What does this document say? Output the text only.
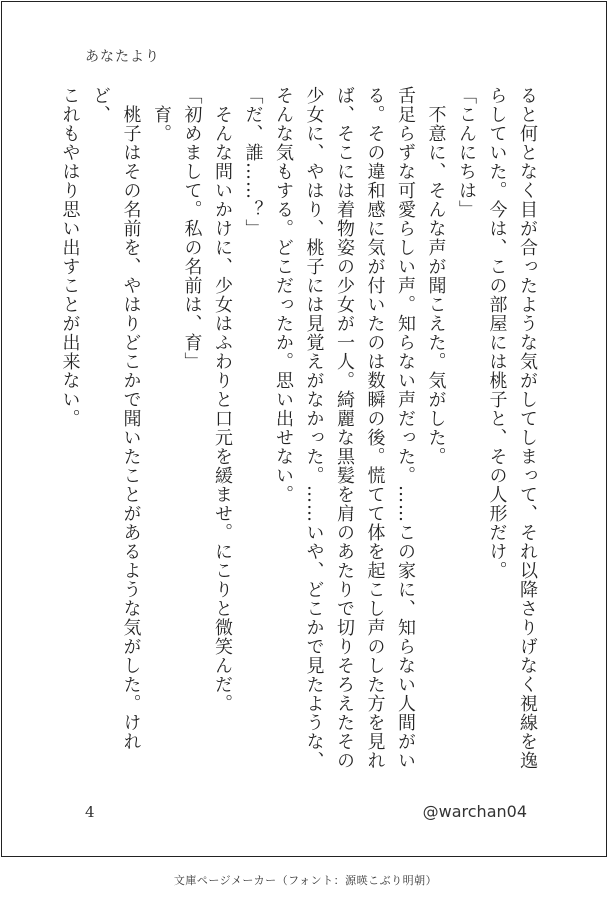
あなたより

ると何となく目が合ったような気がしてしまって、それ以降さりげなく視線を逸

らしていた。今は、この部屋には桃子と、その人形だけ。

「こんにちは」

　不意に、そんな声が聞こえた。気がした。

舌足らずな可愛らしい声。知らない声だった。……この家に、知らない人間がい

る。その違和感に気が付いたのは数瞬の後。慌てて体を起こし声のした方を見れ

ば、そこには着物姿の少女が一人。綺麗な黒髪を肩のあたりで切りそろえたその

少女に、やはり、桃子には見覚えがなかった。……いや、どこかで見たような、

そんな気もする。どこだったか。思い出せない。

「だ、誰……？」

　そんな問いかけに、少女はふわりと口元を緩ませ。にこりと微笑んだ。

「初めまして。私の名前は、育」

　育。

　桃子はその名前を、やはりどこかで聞いたことがあるような気がした。けれど、

これもやはり思い出すことが出来ない。

4	@warchan04
文庫ページメーカー（フォント：源暎こぶり明朝）
